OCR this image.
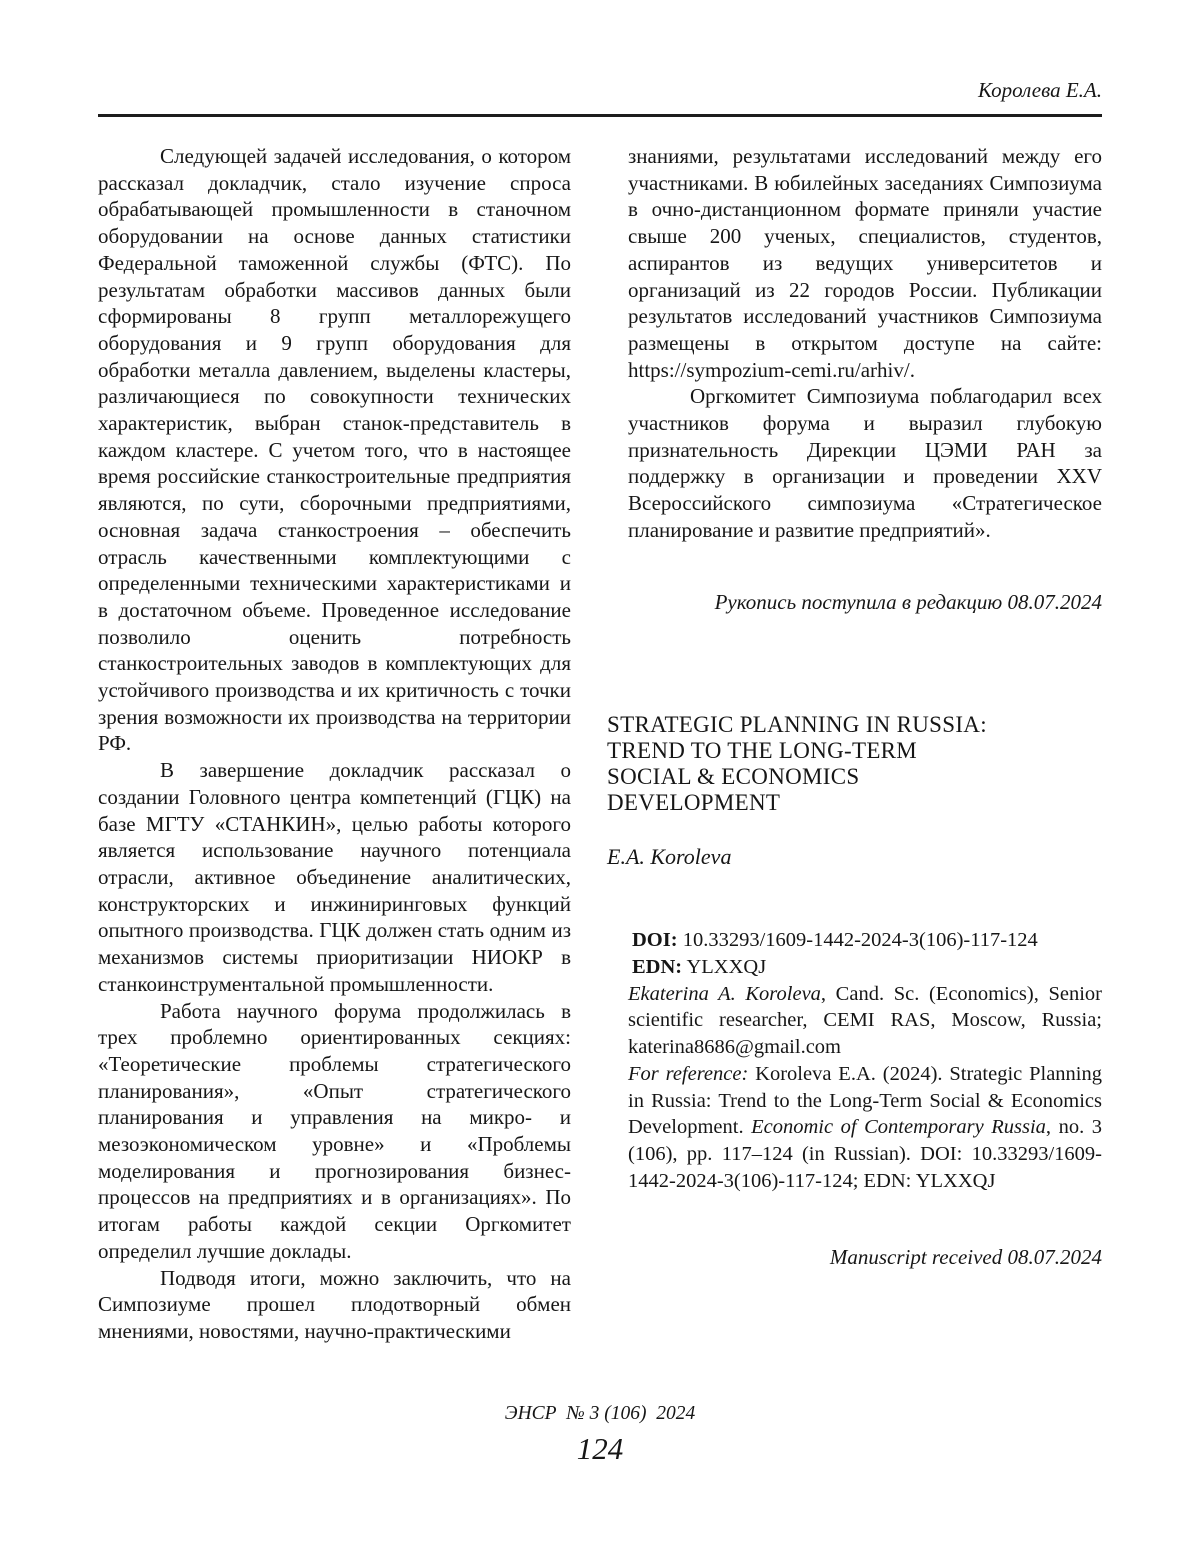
Королева Е.А.

Следующей задачей исследования, о котором рассказал докладчик, стало изучение спроса обрабатывающей промышленности в станочном оборудовании на основе данных статистики Федеральной таможенной службы (ФТС). По результатам обработки массивов данных были сформированы 8 групп металлорежущего оборудования и 9 групп оборудования для обработки металла давлением, выделены кластеры, различающиеся по совокупности технических характеристик, выбран станок-представитель в каждом кластере. С учетом того, что в настоящее время российские станкостроительные предприятия являются, по сути, сборочными предприятиями, основная задача станкостроения – обеспечить отрасль качественными комплектующими с определенными техническими характеристиками и в достаточном объеме. Проведенное исследование позволило оценить потребность станкостроительных заводов в комплектующих для устойчивого производства и их критичность с точки зрения возможности их производства на территории РФ.

В завершение докладчик рассказал о создании Головного центра компетенций (ГЦК) на базе МГТУ «СТАНКИН», целью работы которого является использование научного потенциала отрасли, активное объединение аналитических, конструкторских и инжиниринговых функций опытного производства. ГЦК должен стать одним из механизмов системы приоритизации НИОКР в станкоинструментальной промышленности.

Работа научного форума продолжилась в трех проблемно ориентированных секциях: «Теоретические проблемы стратегического планирования», «Опыт стратегического планирования и управления на микро- и мезоэкономическом уровне» и «Проблемы моделирования и прогнозирования бизнес-процессов на предприятиях и в организациях». По итогам работы каждой секции Оргкомитет определил лучшие доклады.

Подводя итоги, можно заключить, что на Симпозиуме прошел плодотворный обмен мнениями, новостями, научно-практическими

знаниями, результатами исследований между его участниками. В юбилейных заседаниях Симпозиума в очно-дистанционном формате приняли участие свыше 200 ученых, специалистов, студентов, аспирантов из ведущих университетов и организаций из 22 городов России. Публикации результатов исследований участников Симпозиума размещены в открытом доступе на сайте: https://sympozium-cemi.ru/arhiv/.

Оргкомитет Симпозиума поблагодарил всех участников форума и выразил глубокую признательность Дирекции ЦЭМИ РАН за поддержку в организации и проведении XXV Всероссийского симпозиума «Стратегическое планирование и развитие предприятий».

Рукопись поступила в редакцию 08.07.2024
STRATEGIC PLANNING IN RUSSIA:
TREND TO THE LONG-TERM
SOCIAL & ECONOMICS
DEVELOPMENT
E.A. Koroleva
DOI: 10.33293/1609-1442-2024-3(106)-117-124
EDN: YLXXQJ

Ekaterina A. Koroleva, Cand. Sc. (Economics), Senior scientific researcher, CEMI RAS, Moscow, Russia; katerina8686@gmail.com

For reference: Koroleva E.A. (2024). Strategic Planning in Russia: Trend to the Long-Term Social & Economics Development. Economic of Contemporary Russia, no. 3 (106), pp. 117–124 (in Russian). DOI: 10.33293/1609-1442-2024-3(106)-117-124; EDN: YLXXQJ

Manuscript received 08.07.2024
ЭНСР  № 3 (106)  2024
124
